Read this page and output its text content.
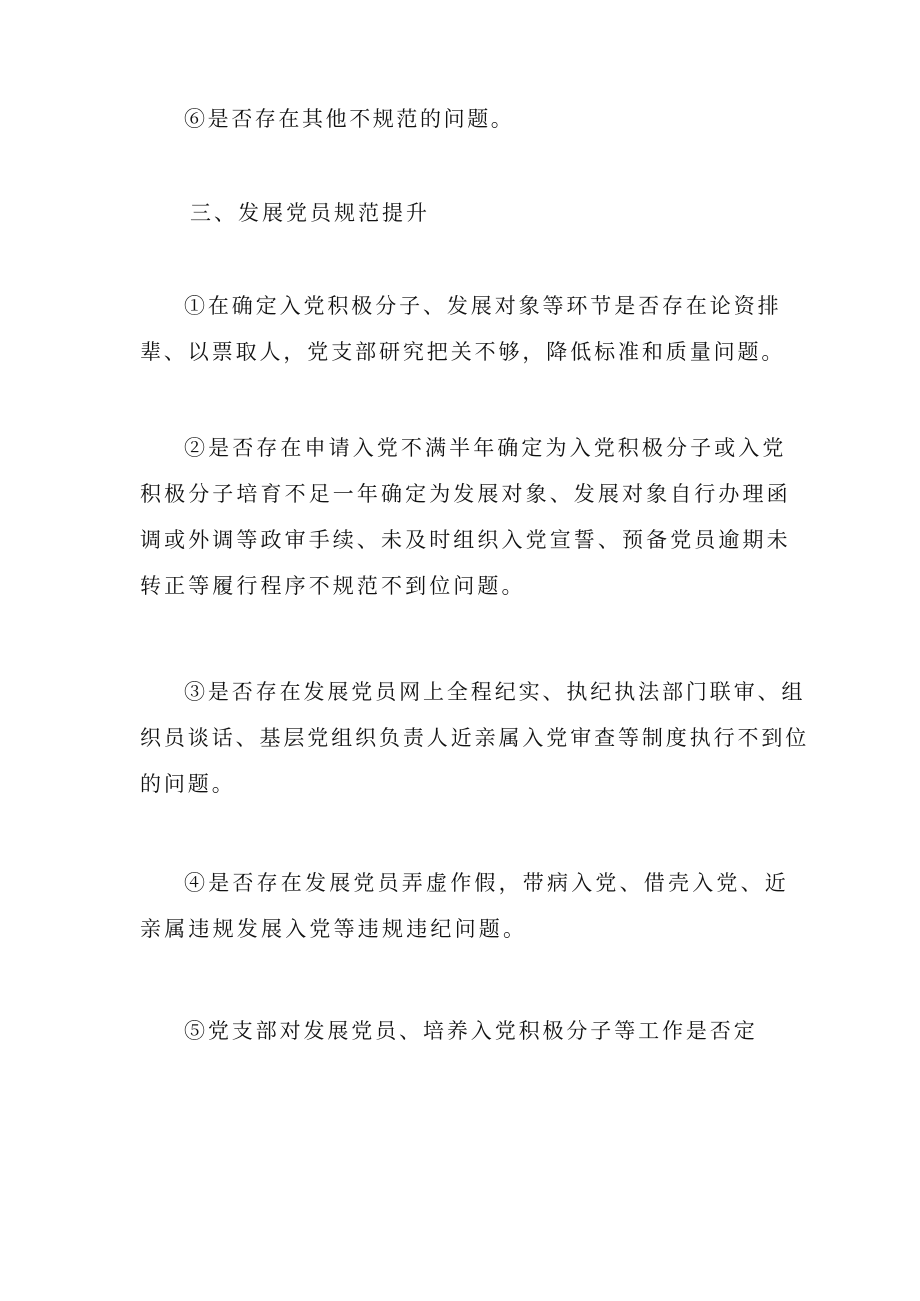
⑥是否存在其他不规范的问题。

三、发展党员规范提升

①在确定入党积极分子、发展对象等环节是否存在论资排辈、以票取人，党支部研究把关不够，降低标准和质量问题。

②是否存在申请入党不满半年确定为入党积极分子或入党积极分子培育不足一年确定为发展对象、发展对象自行办理函调或外调等政审手续、未及时组织入党宣誓、预备党员逾期未转正等履行程序不规范不到位问题。

③是否存在发展党员网上全程纪实、执纪执法部门联审、组织员谈话、基层党组织负责人近亲属入党审查等制度执行不到位的问题。

④是否存在发展党员弄虚作假，带病入党、借壳入党、近亲属违规发展入党等违规违纪问题。

⑤党支部对发展党员、培养入党积极分子等工作是否定
